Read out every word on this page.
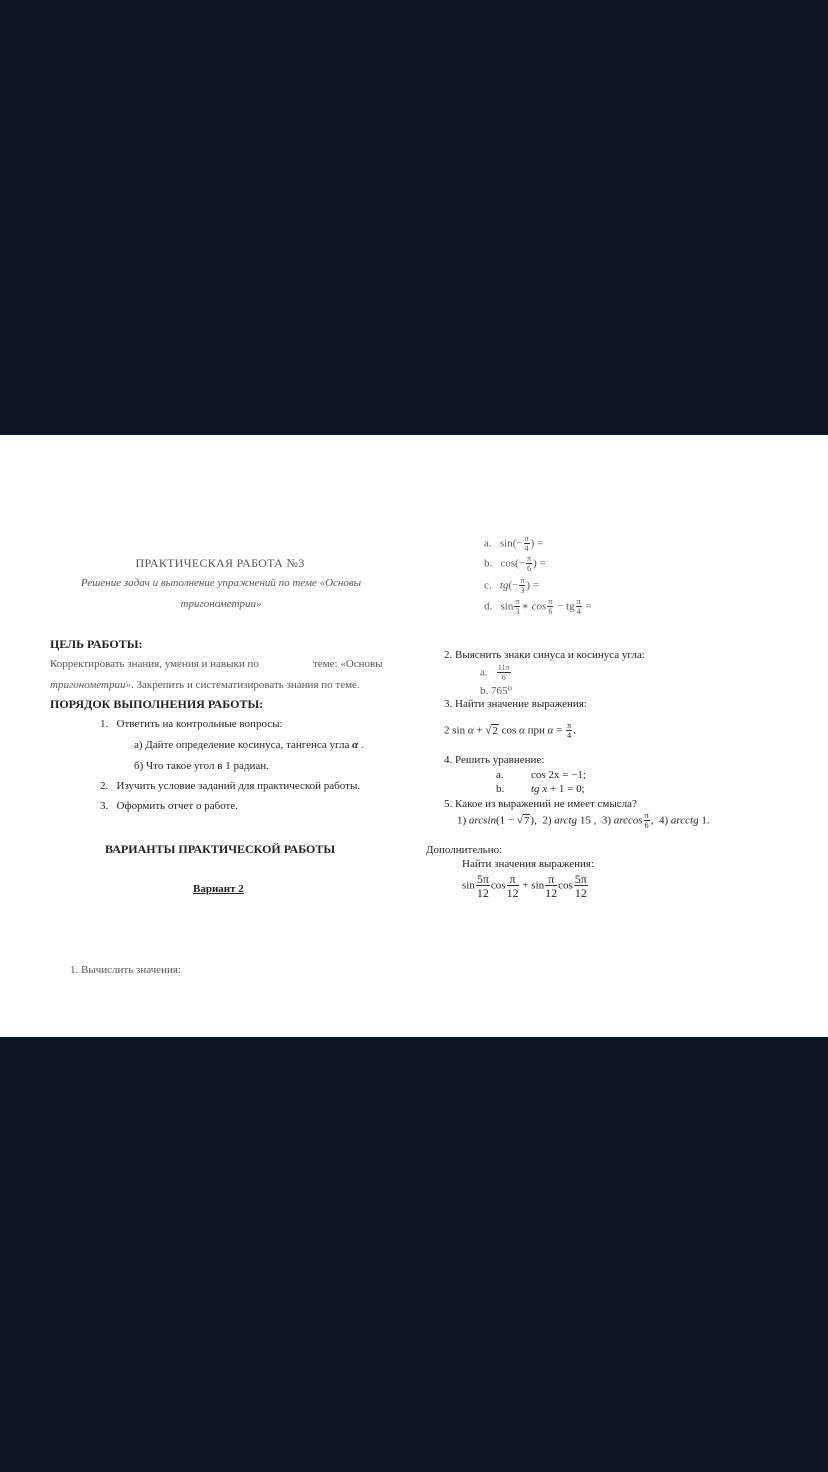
ПРАКТИЧЕСКАЯ РАБОТА №3
Решение задач и выполнение упражнений по теме «Основы
тригонометрии»
ЦЕЛЬ РАБОТЫ:
Корректировать знания, умения и навыки по	теме: «Основы
тригонометрии». Закрепить и систематизировать знания по теме.
ПОРЯДОК ВЫПОЛНЕНИЯ РАБОТЫ:
1. Ответить на контрольные вопросы:
а) Дайте определение косинуса, тангенса угла α .
б) Что такое угол в 1 радиан.
2. Изучить условие заданий для практической работы.
3. Оформить отчет о работе.
ВАРИАНТЫ ПРАКТИЧЕСКОЙ РАБОТЫ
Вариант 2
1. Вычислить значения:
a.   $\sin(- \frac{\pi}{4}$ ) =
b.   $\cos(- \frac{\pi}{6}$ ) =
c. $tg(- \frac{\pi}{3}$ ) =
d.   $\sin \frac{\pi}{3}$ ∗ $\cos \frac{\pi}{6}$ − tg $\frac{\pi}{4}$ =
2. Выяснить знаки синуса и косинуса угла:
a. $\frac{11\pi}{6}$
b. 765⁰
3. Найти значение выражения:
2 sin α + √2 cos α при $\alpha = \frac{\pi}{4}$ .
4. Решить уравнение:
a. cos 2x = −1;
b. tg x + 1 = 0;
5. Какое из выражений не имеет смысла?
1) arcsin(1 − √7),  2) arctg 15 ,  3) $\arccos \frac{\pi}{6}$ ,  4) arcctg 1.
Дополнительно:
Найти значения выражения:
$\sin \frac{5\pi}{12}$ $\cos \frac{\pi}{12} + \sin \frac{\pi}{12}$ $\cos \frac{5\pi}{12}$
